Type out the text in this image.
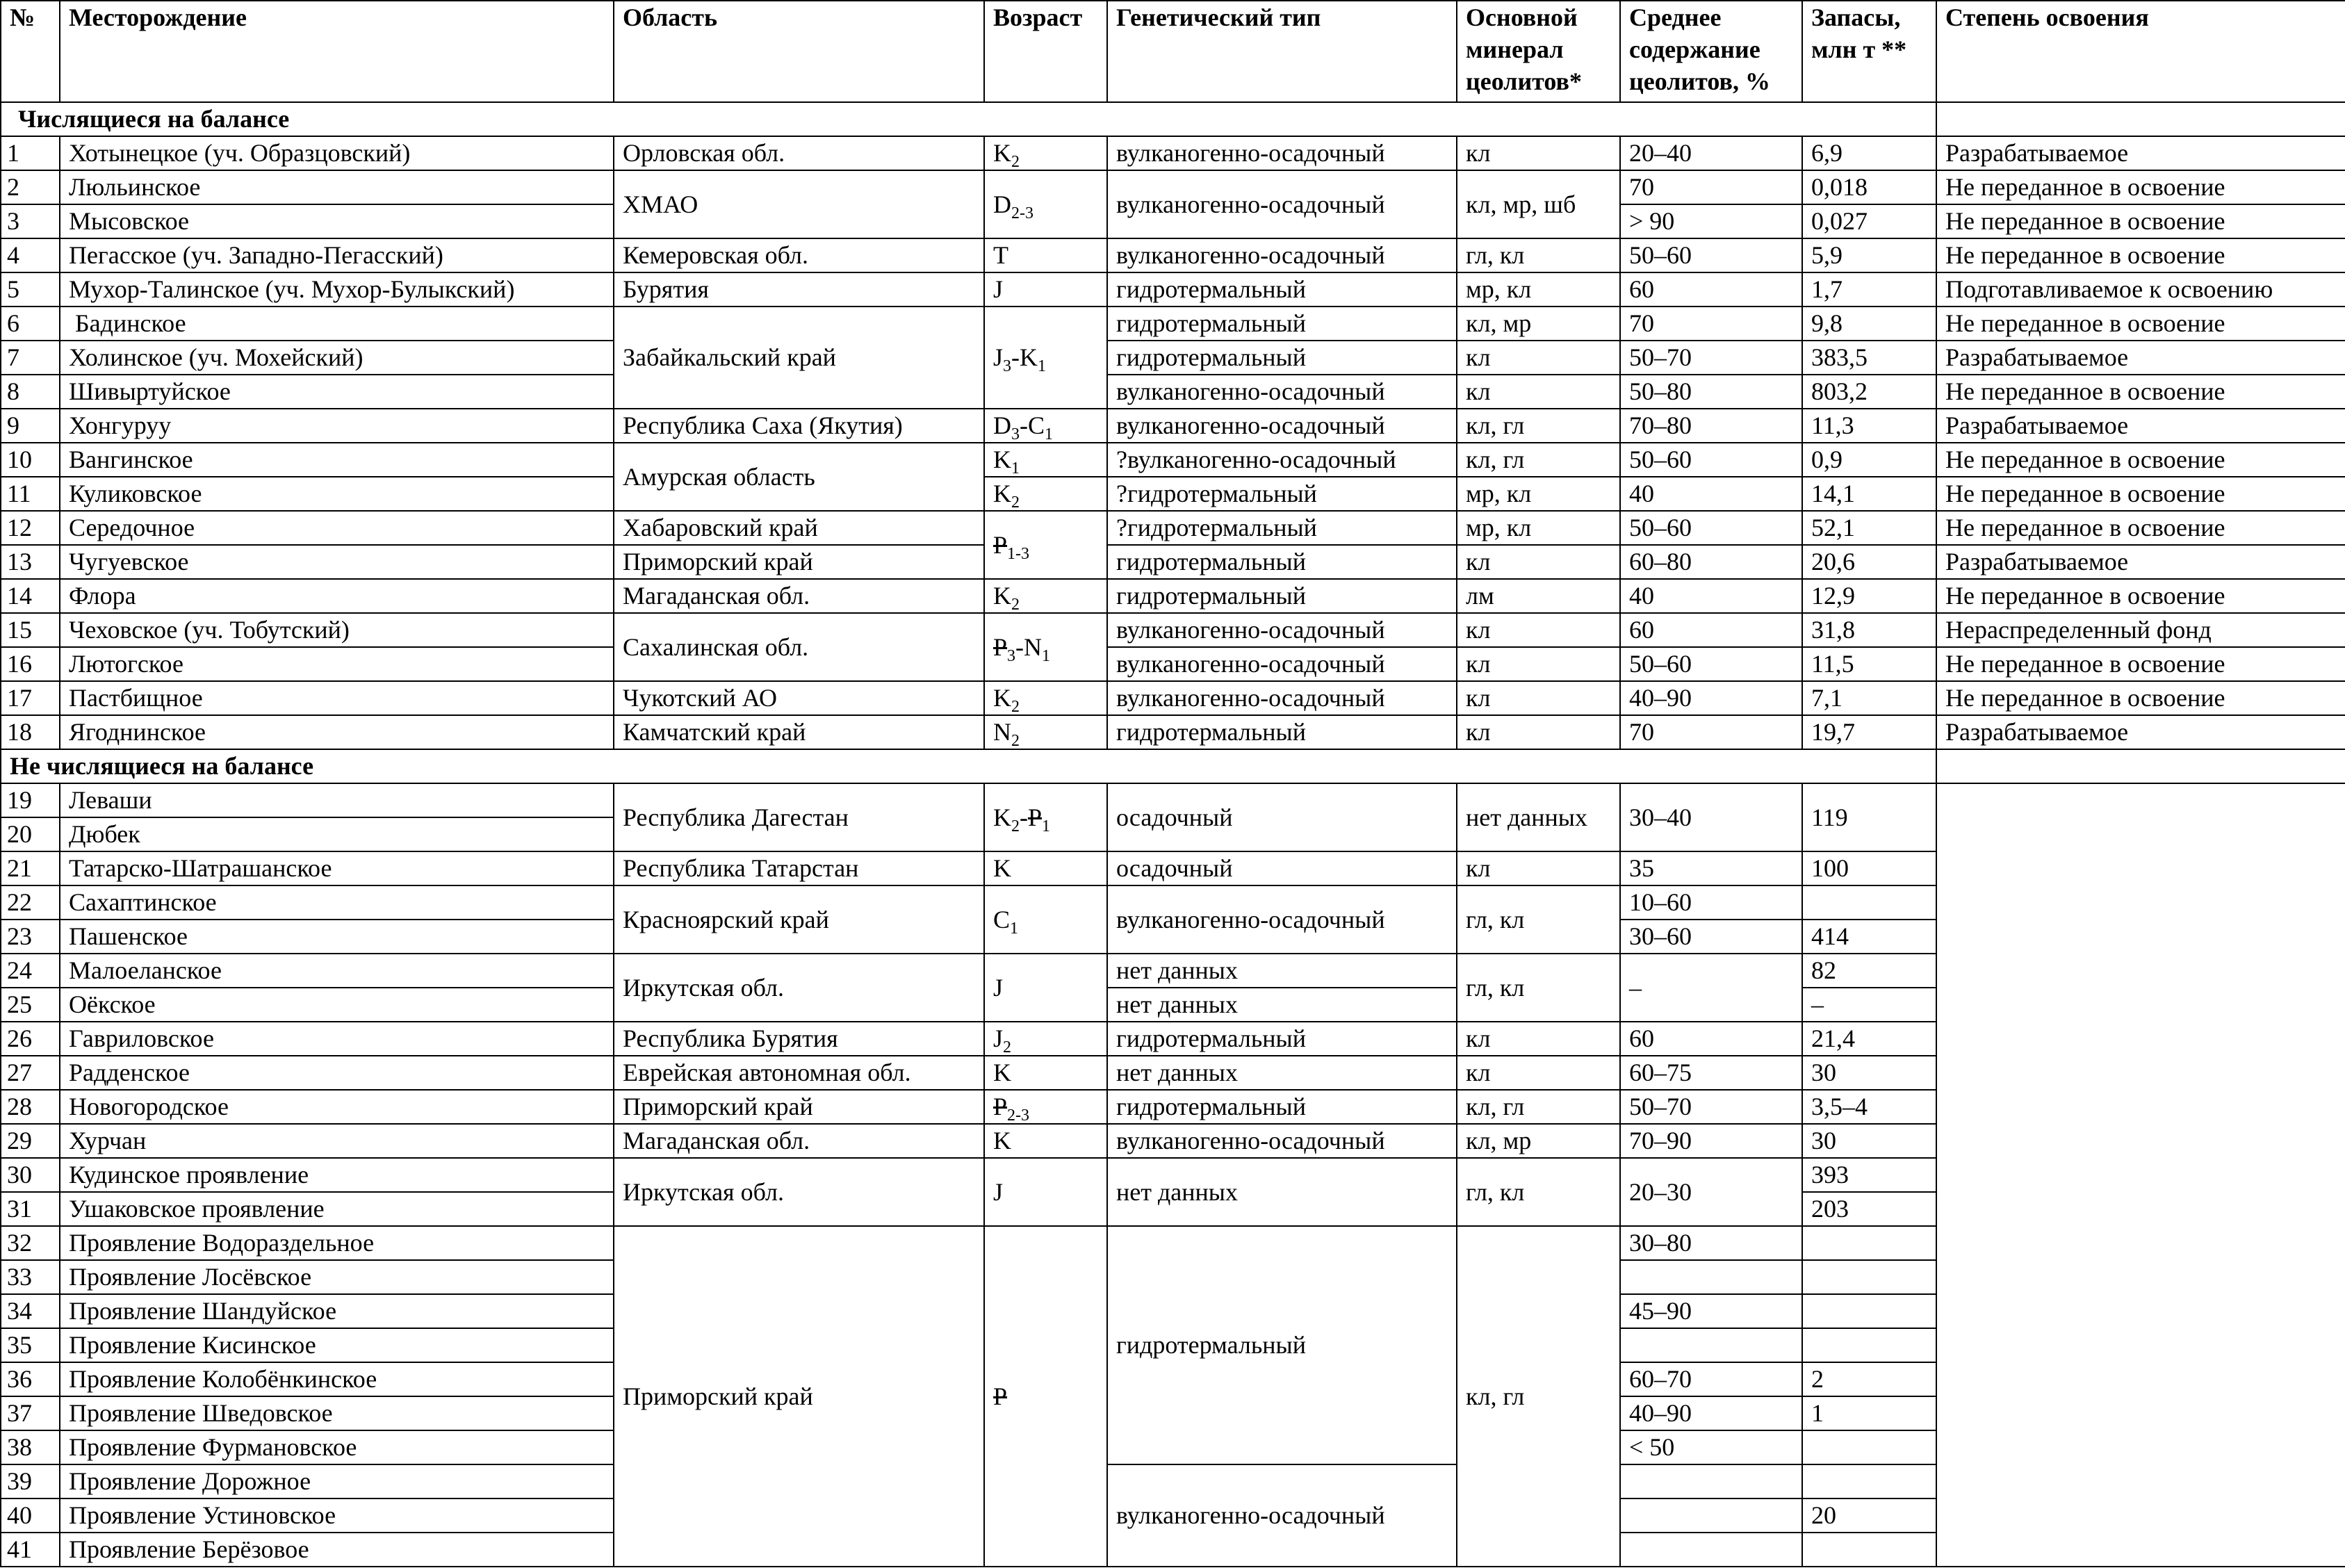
№	Месторождение	Область	Возраст	Генетический тип	Основной минерал цеолитов*	Среднее содержание цеолитов, %	Запасы, млн т **	Степень освоения
Числящиеся на балансе								
1	Хотынецкое (уч. Образцовский)	Орловская обл.	$K_2$	вулканогенно-осадочный	кл	20–40	6,9	Разрабатываемое
2	Люльинское	ХМАО	$D_{2-3}$	вулканогенно-осадочный	кл, мр, шб	70	0,018	Не переданное в освоение
3	Мысовское					> 90	0,027	Не переданное в освоение
4	Пегасское (уч. Западно-Пегасский)	Кемеровская обл.	T	вулканогенно-осадочный	гл, кл	50–60	5,9	Не переданное в освоение
5	Мухор-Талинское (уч. Мухор-Булыкский)	Бурятия	J	гидротермальный	мр, кл	60	1,7	Подготавливаемое к освоению
6	Бадинское	Забайкальский край	$J_3-K_1$	гидротермальный	кл, мр	70	9,8	Не переданное в освоение
7	Холинское (уч. Мохейский)			гидротермальный	кл	50–70	383,5	Разрабатываемое
8	Шивыртуйское			вулканогенно-осадочный	кл	50–80	803,2	Не переданное в освоение
9	Хонгуруу	Республика Саха (Якутия)	$D_3-C_1$	вулканогенно-осадочный	кл, гл	70–80	11,3	Разрабатываемое
10	Вангинское	Амурская область	$K_1$	?вулканогенно-осадочный	кл, гл	50–60	0,9	Не переданное в освоение
11	Куликовское		$K_2$	?гидротермальный	мр, кл	40	14,1	Не переданное в освоение
12	Середочное	Хабаровский край	$P_{1-3}$	?гидротермальный	мр, кл	50–60	52,1	Не переданное в освоение
13	Чугуевское	Приморский край		гидротермальный	кл	60–80	20,6	Разрабатываемое
14	Флора	Магаданская обл.	$K_2$	гидротермальный	лм	40	12,9	Не переданное в освоение
15	Чеховское (уч. Тобутский)	Сахалинская обл.	$P_3-N_1$	вулканогенно-осадочный	кл	60	31,8	Нераспределенный фонд
16	Лютогское			вулканогенно-осадочный	кл	50–60	11,5	Не переданное в освоение
17	Пастбищное	Чукотский АО	$K_2$	вулканогенно-осадочный	кл	40–90	7,1	Не переданное в освоение
18	Ягоднинское	Камчатский край	$N_2$	гидротермальный	кл	70	19,7	Разрабатываемое
Не числящиеся на балансе								
19	Леваши	Республика Дагестан	$K_2-P_1$	осадочный	нет данных	30–40	119	
20	Дюбек							
21	Татарско-Шатрашанское	Республика Татарстан	K	осадочный	кл	35	100	
22	Сахаптинское	Красноярский край	$C_1$	вулканогенно-осадочный	гл, кл	10–60		
23	Пашенское					30–60	414	
24	Малоеланское	Иркутская обл.	J	нет данных	гл, кл	–	82	
25	Оёкское			нет данных			–	
26	Гавриловское	Республика Бурятия	$J_2$	гидротермальный	кл	60	21,4	
27	Радденское	Еврейская автономная обл.	K	нет данных	кл	60–75	30	
28	Новогородское	Приморский край	$P_{2-3}$	гидротермальный	кл, гл	50–70	3,5–4	
29	Хурчан	Магаданская обл.	K	вулканогенно-осадочный	кл, мр	70–90	30	
30	Кудинское проявление	Иркутская обл.	J	нет данных	гл, кл	20–30	393	
31	Ушаковское проявление						203	
32	Проявление Водораздельное	Приморский край	P	гидротермальный	кл, гл	30–80		
33	Проявление Лосёвское							
34	Проявление Шандуйское					45–90		
35	Проявление Кисинское							
36	Проявление Колобёнкинское					60–70	2	
37	Проявление Шведовское					40–90	1	
38	Проявление Фурмановское					< 50		
39	Проявление Дорожное			вулканогенно-осадочный				
40	Проявление Устиновское						20	
41	Проявление Берёзовое							
